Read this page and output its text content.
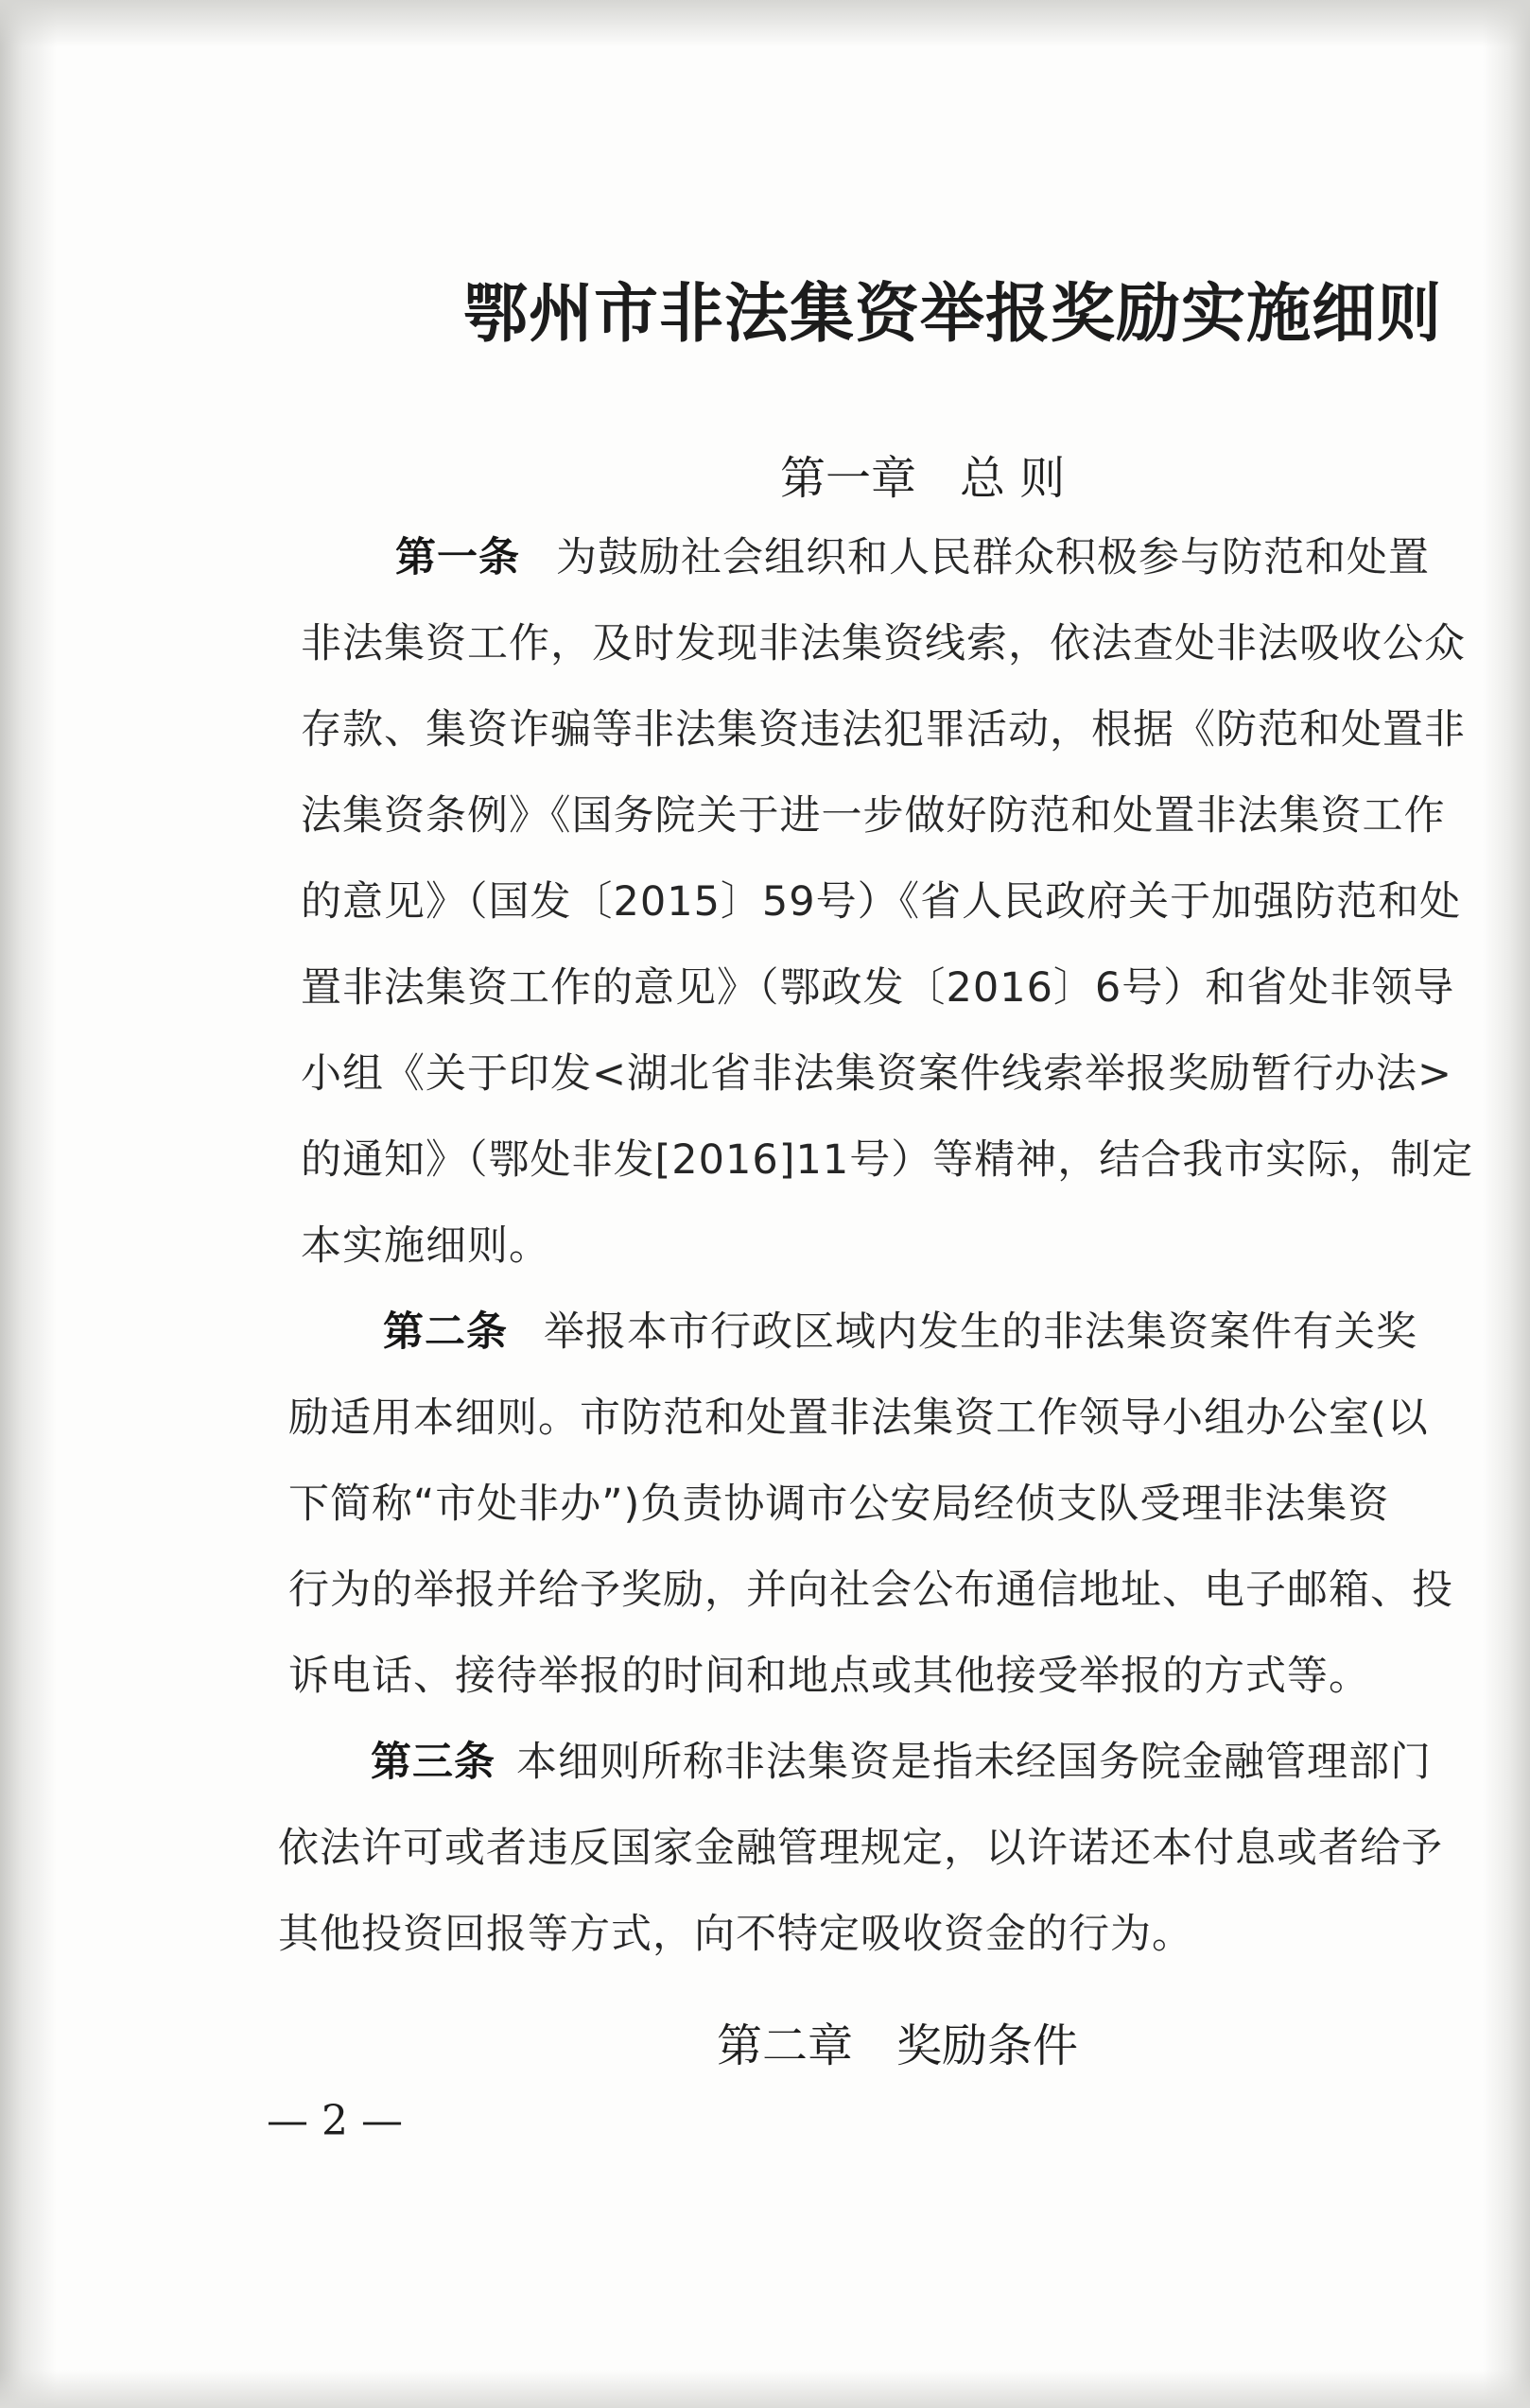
鄂州市非法集资举报奖励实施细则
第一章 总 则

第一条 为鼓励社会组织和人民群众积极参与防范和处置

非法集资工作，及时发现非法集资线索，依法查处非法吸收公众

存款、集资诈骗等非法集资违法犯罪活动，根据《防范和处置非

法集资条例》《国务院关于进一步做好防范和处置非法集资工作

的意见》（国发〔2015〕59号）《省人民政府关于加强防范和处

置非法集资工作的意见》（鄂政发〔2016〕6号）和省处非领导

小组《关于印发<湖北省非法集资案件线索举报奖励暂行办法>

的通知》（鄂处非发[2016]11号）等精神，结合我市实际，制定

本实施细则。

第二条 举报本市行政区域内发生的非法集资案件有关奖

励适用本细则。市防范和处置非法集资工作领导小组办公室(以

下简称“市处非办”)负责协调市公安局经侦支队受理非法集资

行为的举报并给予奖励，并向社会公布通信地址、电子邮箱、投

诉电话、接待举报的时间和地点或其他接受举报的方式等。

第三条 本细则所称非法集资是指未经国务院金融管理部门

依法许可或者违反国家金融管理规定，以许诺还本付息或者给予

其他投资回报等方式，向不特定吸收资金的行为。

第二章 奖励条件

— 2 —
